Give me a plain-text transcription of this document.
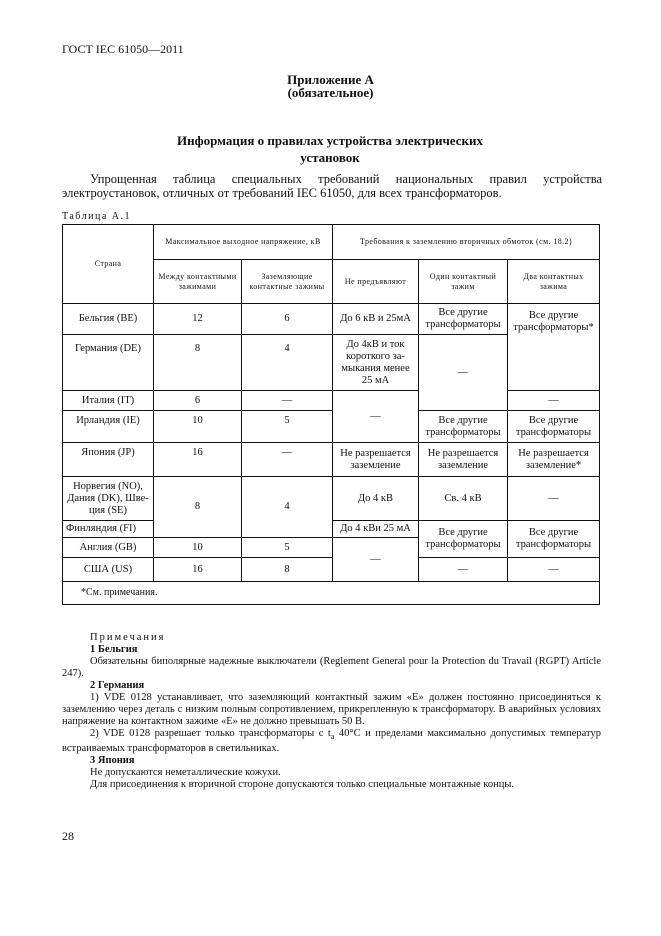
ГОСТ IEC 61050—2011
Приложение А
(обязательное)
Информация о правилах устройства электрических
установок
Упрощенная таблица специальных требований национальных правил устройства
электроустановок, отличных от требований IEC 61050, для всех трансформаторов.
Таблица А.1
Страна	Максимальное выходное напряжение, кВ		Требования к заземлению вторичных обмоток (см. 18.2)		
	Между контактными зажимами	Заземляющие контактные зажимы	Не предъявляют	Один контактный зажим	Два контактных зажима
Бельгия (BE)	12	6	До 6 кВ и 25мА	Все другие трансформаторы	Все другие трансформаторы*
Германия (DE)	8	4	До 4кВ и ток короткого за-мыкания менее 25 мА	—	
Италия (IT)	6	—	—		—
Ирландия (IE)	10	5		Все другие трансформаторы	Все другие трансформаторы
Япония (JP)	16	—	Не разрешается заземление	Не разрешается заземление	Не разрешается заземление*
Норвегия (NO), Дания (DK), Шве-ция (SE)	8	4	До 4 кВ	Св. 4 кВ	—
Финляндия (FI)			До 4 кВи 25 мА	Все другие трансформаторы	Все другие трансформаторы
Англия (GB)	10	5	—		
США (US)	16	8		—	—
*См. примечания.					

Примечания

1 Бельгия

Обязательны биполярные надежные выключатели (Reglement General pour la Protection du Travail (RGPT) Article 247).

2 Германия

1) VDE 0128 устанавливает, что заземляющий контактный зажим «Е» должен постоянно присоединяться к заземлению через деталь с низким полным сопротивлением, прикрепленную к трансформатору. В аварийных условиях напряжение на контактном зажиме «Е» не должно превышать 50 В.

2) VDE 0128 разрешает только трансформаторы с $t_a$ 40°С и пределами максимально допустимых температур встраиваемых трансформаторов в светильниках.

3 Япония

Не допускаются неметаллические кожухи.

Для присоединения к вторичной стороне допускаются только специальные монтажные концы.

28
